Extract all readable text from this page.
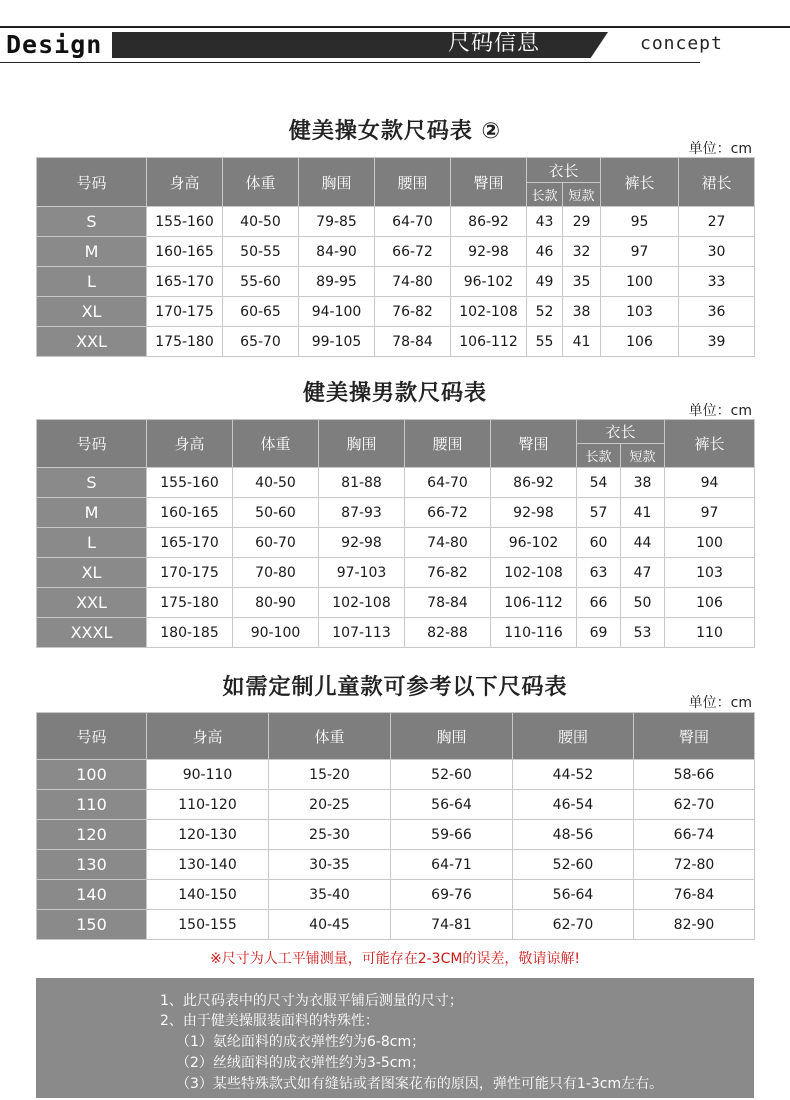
Design	尺码信息	concept
健美操女款尺码表 ②
单位：cm
号码	身高	体重	胸围	腰围	臀围	衣长		裤长	裙长
						长款	短款		
S	155-160	40-50	79-85	64-70	86-92	43	29	95	27
M	160-165	50-55	84-90	66-72	92-98	46	32	97	30
L	165-170	55-60	89-95	74-80	96-102	49	35	100	33
XL	170-175	60-65	94-100	76-82	102-108	52	38	103	36
XXL	175-180	65-70	99-105	78-84	106-112	55	41	106	39
健美操男款尺码表
单位：cm
号码	身高	体重	胸围	腰围	臀围	衣长		裤长
						长款	短款	
S	155-160	40-50	81-88	64-70	86-92	54	38	94
M	160-165	50-60	87-93	66-72	92-98	57	41	97
L	165-170	60-70	92-98	74-80	96-102	60	44	100
XL	170-175	70-80	97-103	76-82	102-108	63	47	103
XXL	175-180	80-90	102-108	78-84	106-112	66	50	106
XXXL	180-185	90-100	107-113	82-88	110-116	69	53	110
如需定制儿童款可参考以下尺码表
单位：cm
号码	身高	体重	胸围	腰围	臀围
100	90-110	15-20	52-60	44-52	58-66
110	110-120	20-25	56-64	46-54	62-70
120	120-130	25-30	59-66	48-56	66-74
130	130-140	30-35	64-71	52-60	72-80
140	140-150	35-40	69-76	56-64	76-84
150	150-155	40-45	74-81	62-70	82-90
※尺寸为人工平铺测量，可能存在2-3CM的误差，敬请谅解!

1、此尺码表中的尺寸为衣服平铺后测量的尺寸；

2、由于健美操服装面料的特殊性：

（1）氨纶面料的成衣弹性约为6-8cm；

（2）丝绒面料的成衣弹性约为3-5cm；

（3）某些特殊款式如有缝钻或者图案花布的原因，弹性可能只有1-3cm左右。
